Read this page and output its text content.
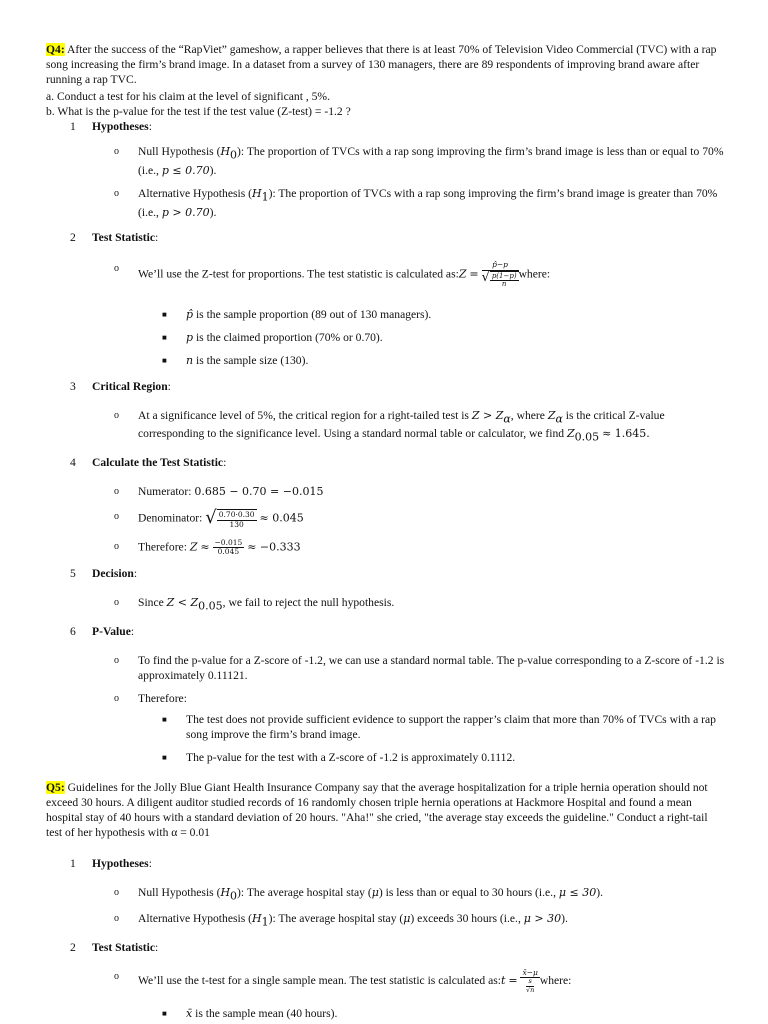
Q4: After the success of the “RapViet” gameshow, a rapper believes that there is at least 70% of Television Video Commercial (TVC) with a rap song increasing the firm’s brand image. In a dataset from a survey of 130 managers, there are 89 respondents of improving brand aware after running a rap TVC.

a. Conduct a test for his claim at the level of significant , 5%.

b. What is the p-value for the test if the test value (Z-test) = -1.2 ?

1	Hypotheses:
o	Null Hypothesis $(H_0)$: The proportion of TVCs with a rap song improving the firm’s brand image is less than or equal to 70% (i.e., p ≤ 0.70).
o	Alternative Hypothesis $(H_1)$: The proportion of TVCs with a rap song improving the firm’s brand image is greater than 70% (i.e., p > 0.70).
2	Test Statistic:
o	We’ll use the Z-test for proportions. The test statistic is calculated as:Z = $\frac{p̂-p}{√ \frac{p(1-p)}{n}}$ where:
■	p̂ is the sample proportion (89 out of 130 managers).
■	p is the claimed proportion (70% or 0.70).
■	n is the sample size (130).
3	Critical Region:
o	At a significance level of 5%, the critical region for a right-tailed test is $Z > Z_\alpha$, where $Z_\alpha$ is the critical Z-value corresponding to the significance level. Using a standard normal table or calculator, we find $Z_{0.05} \approx 1.645$.
4	Calculate the Test Statistic:
o	Numerator: 0.685 − 0.70 = −0.015
o	Denominator: √ $\frac{0.70\cdot 0.30}{130} \approx 0.045$
o	Therefore: $Z \approx \frac{-0.015}{0.045} \approx -0.333$
5	Decision:
o	Since $Z < Z_{0.05}$, we fail to reject the null hypothesis.
6	P-Value:
o	To find the p-value for a Z-score of -1.2, we can use a standard normal table. The p-value corresponding to a Z-score of -1.2 is approximately 0.11121.
o	Therefore:
■	The test does not provide sufficient evidence to support the rapper’s claim that more than 70% of TVCs with a rap song improve the firm’s brand image.
■	The p-value for the test with a Z-score of -1.2 is approximately 0.1112.

Q5: Guidelines for the Jolly Blue Giant Health Insurance Company say that the average hospitalization for a triple hernia operation should not exceed 30 hours. A diligent auditor studied records of 16 randomly chosen triple hernia operations at Hackmore Hospital and found a mean hospital stay of 40 hours with a standard deviation of 20 hours. "Aha!" she cried, "the average stay exceeds the guideline." Conduct a right-tail test of her hypothesis with α = 0.01

1	Hypotheses:
o	Null Hypothesis $(H_0)$: The average hospital stay (μ) is less than or equal to 30 hours (i.e., μ ≤ 30).
o	Alternative Hypothesis $(H_1)$: The average hospital stay (μ) exceeds 30 hours (i.e., μ > 30).
2	Test Statistic:
o	We’ll use the t-test for a single sample mean. The test statistic is calculated as:t = $\frac{x̄-\mu}{\frac{s}{√n}}$ where:
■	x̄ is the sample mean (40 hours).
